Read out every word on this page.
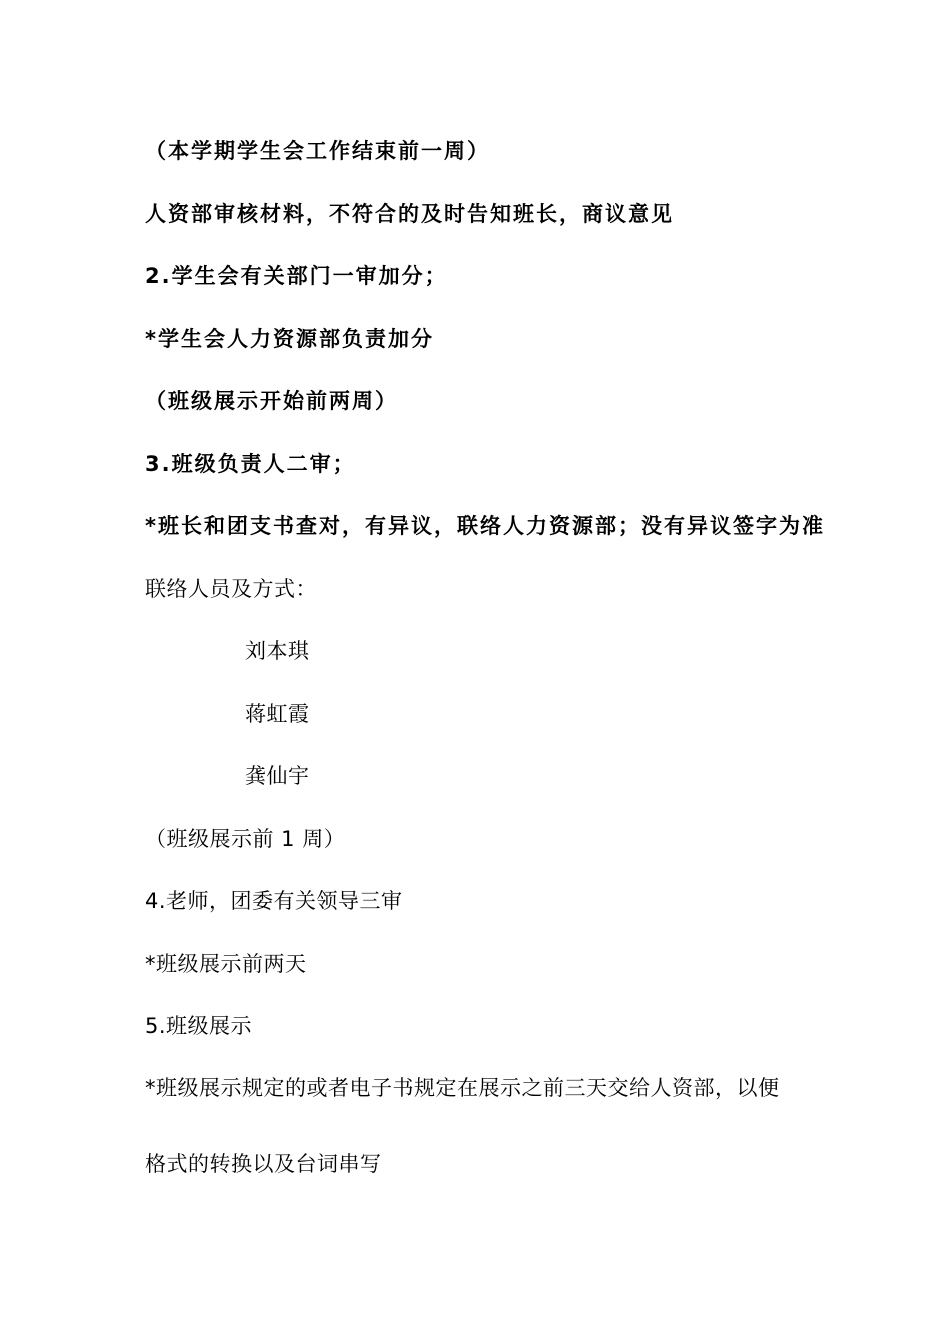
（本学期学生会工作结束前一周）
人资部审核材料，不符合的及时告知班长，商议意见
2.学生会有关部门一审加分；
*学生会人力资源部负责加分
（班级展示开始前两周）
3.班级负责人二审；
*班长和团支书查对，有异议，联络人力资源部；没有异议签字为准
联络人员及方式：
刘本琪
蒋虹霞
龚仙宇
（班级展示前 1 周）
4.老师，团委有关领导三审
*班级展示前两天
5.班级展示
*班级展示规定的或者电子书规定在展示之前三天交给人资部，以便
格式的转换以及台词串写
